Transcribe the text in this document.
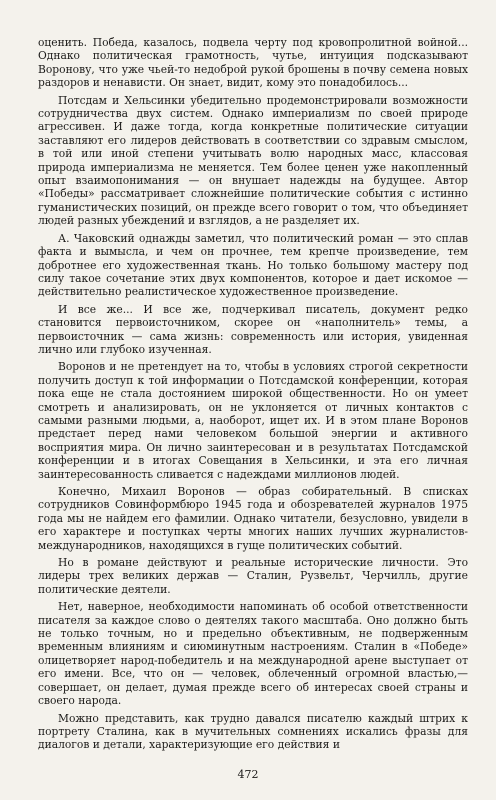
оценить. Победа, казалось, подвела черту под кровопролитной войной... Однако политическая грамотность, чутье, интуиция подсказывают Воронову, что уже чьей-то недоброй рукой брошены в почву семена новых раздоров и ненависти. Он знает, видит, кому это понадобилось...

Потсдам и Хельсинки убедительно продемонстрировали возможности сотрудничества двух систем. Однако империализм по своей природе агрессивен. И даже тогда, когда конкретные политические ситуации заставляют его лидеров действовать в соответствии со здравым смыслом, в той или иной степени учитывать волю народных масс, классовая природа империализма не меняется. Тем более ценен уже накопленный опыт взаимопонимания — он внушает надежды на будущее. Автор «Победы» рассматривает сложнейшие политические события с истинно гуманистических позиций, он прежде всего говорит о том, что объединяет людей разных убеждений и взглядов, а не разделяет их.

А. Чаковский однажды заметил, что политический роман — это сплав факта и вымысла, и чем он прочнее, тем крепче произведение, тем добротнее его художественная ткань. Но только большому мастеру под силу такое сочетание этих двух компонентов, которое и дает искомое — действительно реалистическое художественное произведение.

И все же... И все же, подчеркивал писатель, документ редко становится первоисточником, скорее он «наполнитель» темы, а первоисточник — сама жизнь: современность или история, увиденная лично или глубоко изученная.

Воронов и не претендует на то, чтобы в условиях строгой секретности получить доступ к той информации о Потсдамской конференции, которая пока еще не стала достоянием широкой общественности. Но он умеет смотреть и анализировать, он не уклоняется от личных контактов с самыми разными людьми, а, наоборот, ищет их. И в этом плане Воронов предстает перед нами человеком большой энергии и активного восприятия мира. Он лично заинтересован и в результатах Потсдамской конференции и в итогах Совещания в Хельсинки, и эта его личная заинтересованность сливается с надеждами миллионов людей.

Конечно, Михаил Воронов — образ собирательный. В списках сотрудников Совинформбюро 1945 года и обозревателей журналов 1975 года мы не найдем его фамилии. Однако читатели, безусловно, увидели в его характере и поступках черты многих наших лучших журналистов-международников, находящихся в гуще политических событий.

Но в романе действуют и реальные исторические личности. Это лидеры трех великих держав — Сталин, Рузвельт, Черчилль, другие политические деятели.

Нет, наверное, необходимости напоминать об особой ответственности писателя за каждое слово о деятелях такого масштаба. Оно должно быть не только точным, но и предельно объективным, не подверженным временным влияниям и сиюминутным настроениям. Сталин в «Победе» олицетворяет народ-победитель и на международной арене выступает от его имени. Все, что он — человек, облеченный огромной властью,— совершает, он делает, думая прежде всего об интересах своей страны и своего народа.

Можно представить, как трудно давался писателю каждый штрих к портрету Сталина, как в мучительных сомнениях искались фразы для диалогов и детали, характеризующие его действия и

472
